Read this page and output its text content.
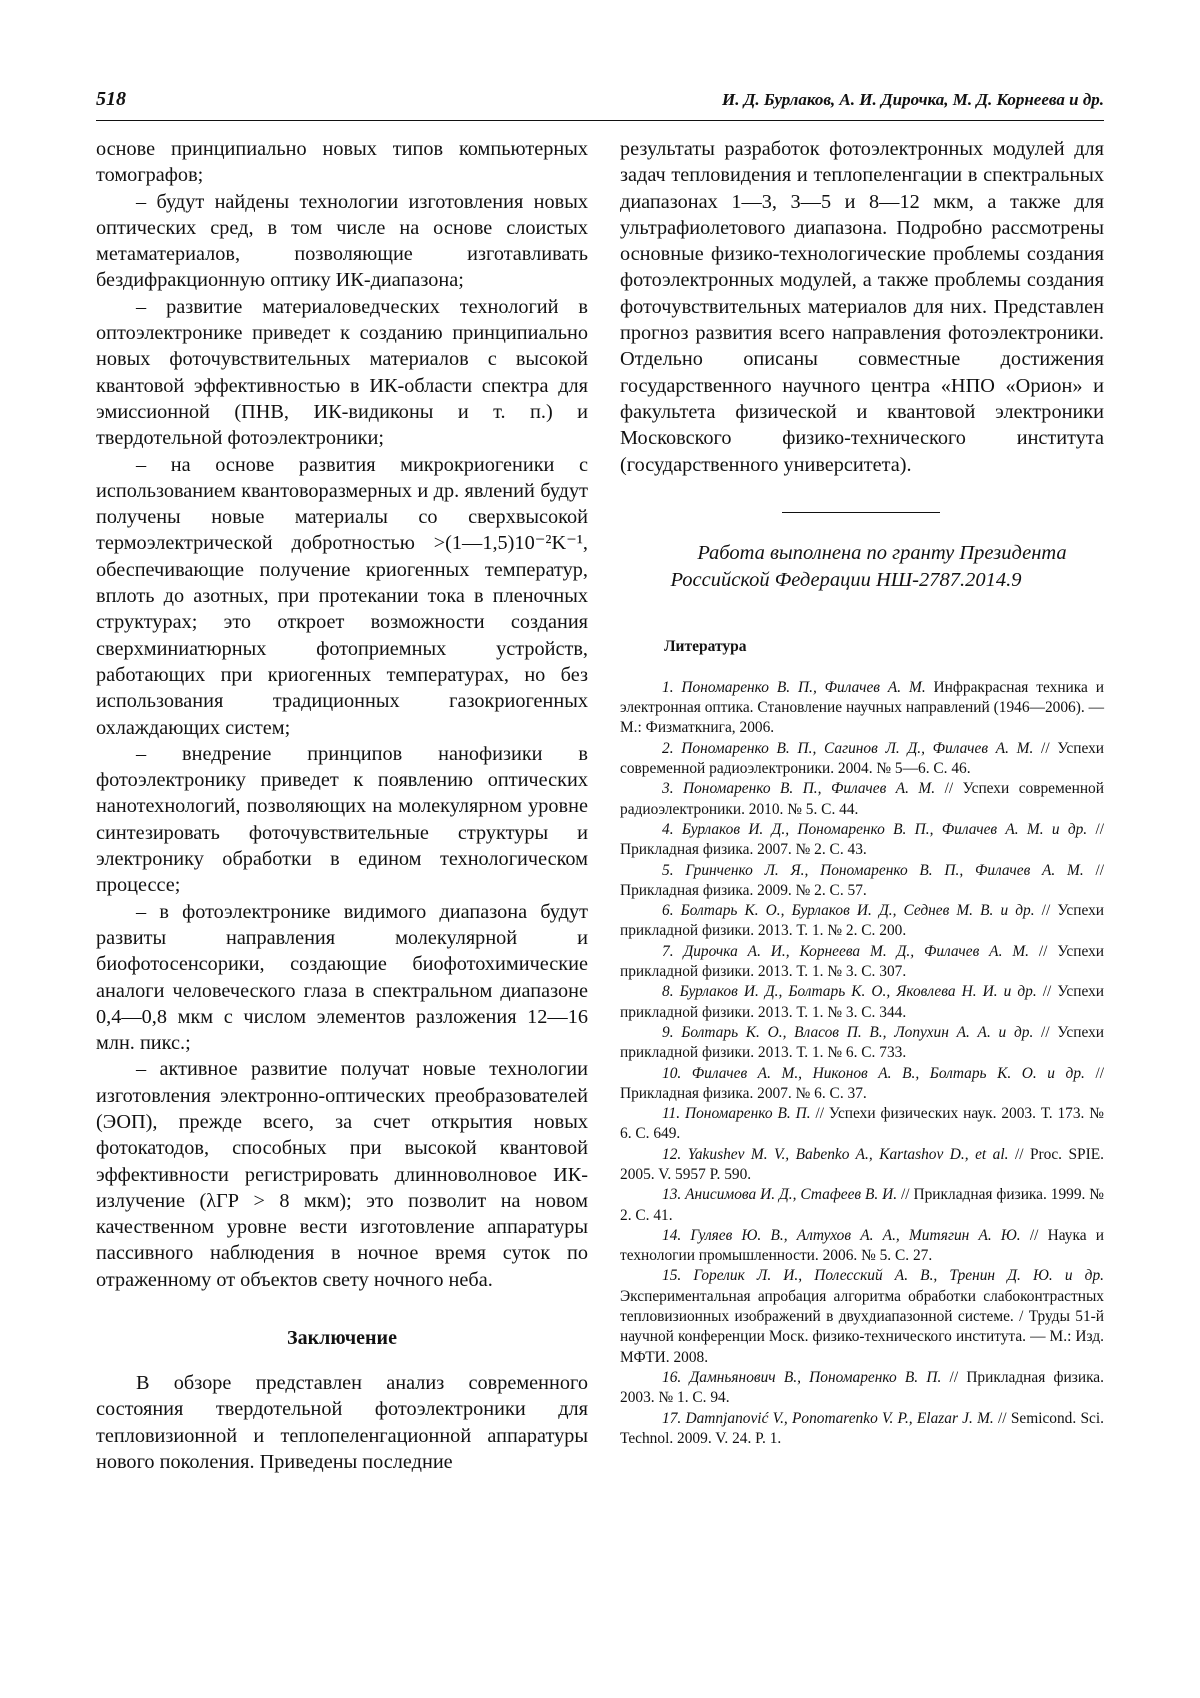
518	И. Д. Бурлаков, А. И. Дирочка, М. Д. Корнеева и др.

основе принципиально новых типов компьютерных томографов;

– будут найдены технологии изготовления новых оптических сред, в том числе на основе слоистых метаматериалов, позволяющие изготавливать бездифракционную оптику ИК-диапазона;

– развитие материаловедческих технологий в оптоэлектронике приведет к созданию принципиально новых фоточувствительных материалов с высокой квантовой эффективностью в ИК-области спектра для эмиссионной (ПНВ, ИК-видиконы и т. п.) и твердотельной фотоэлектроники;

– на основе развития микрокриогеники с использованием квантоворазмерных и др. явлений будут получены новые материалы со сверхвысокой термоэлектрической добротностью >(1—1,5)10⁻²K⁻¹, обеспечивающие получение криогенных температур, вплоть до азотных, при протекании тока в пленочных структурах; это откроет возможности создания сверхминиатюрных фотоприемных устройств, работающих при криогенных температурах, но без использования традиционных газокриогенных охлаждающих систем;

– внедрение принципов нанофизики в фотоэлектронику приведет к появлению оптических нанотехнологий, позволяющих на молекулярном уровне синтезировать фоточувствительные структуры и электронику обработки в едином технологическом процессе;

– в фотоэлектронике видимого диапазона будут развиты направления молекулярной и биофотосенсорики, создающие биофотохимические аналоги человеческого глаза в спектральном диапазоне 0,4—0,8 мкм с числом элементов разложения 12—16 млн. пикс.;

– активное развитие получат новые технологии изготовления электронно-оптических преобразователей (ЭОП), прежде всего, за счет открытия новых фотокатодов, способных при высокой квантовой эффективности регистрировать длинноволновое ИК-излучение (λГР > 8 мкм); это позволит на новом качественном уровне вести изготовление аппаратуры пассивного наблюдения в ночное время суток по отраженному от объектов свету ночного неба.

Заключение

В обзоре представлен анализ современного состояния твердотельной фотоэлектроники для тепловизионной и теплопеленгационной аппаратуры нового поколения. Приведены последние

результаты разработок фотоэлектронных модулей для задач тепловидения и теплопеленгации в спектральных диапазонах 1—3, 3—5 и 8—12 мкм, а также для ультрафиолетового диапазона. Подробно рассмотрены основные физико-технологические проблемы создания фотоэлектронных модулей, а также проблемы создания фоточувствительных материалов для них. Представлен прогноз развития всего направления фотоэлектроники. Отдельно описаны совместные достижения государственного научного центра «НПО «Орион» и факультета физической и квантовой электроники Московского физико-технического института (государственного университета).

Работа выполнена по гранту Президента
Российской Федерации НШ-2787.2014.9
Литература

1. Пономаренко В. П., Филачев А. М. Инфракрасная техника и электронная оптика. Становление научных направлений (1946—2006). — М.: Физматкнига, 2006.

2. Пономаренко В. П., Сагинов Л. Д., Филачев А. М. // Успехи современной радиоэлектроники. 2004. № 5—6. С. 46.

3. Пономаренко В. П., Филачев А. М. // Успехи современной радиоэлектроники. 2010. № 5. С. 44.

4. Бурлаков И. Д., Пономаренко В. П., Филачев А. М. и др. // Прикладная физика. 2007. № 2. С. 43.

5. Гринченко Л. Я., Пономаренко В. П., Филачев А. М. // Прикладная физика. 2009. № 2. С. 57.

6. Болтарь К. О., Бурлаков И. Д., Седнев М. В. и др. // Успехи прикладной физики. 2013. Т. 1. № 2. С. 200.

7. Дирочка А. И., Корнеева М. Д., Филачев А. М. // Успехи прикладной физики. 2013. Т. 1. № 3. С. 307.

8. Бурлаков И. Д., Болтарь К. О., Яковлева Н. И. и др. // Успехи прикладной физики. 2013. Т. 1. № 3. С. 344.

9. Болтарь К. О., Власов П. В., Лопухин А. А. и др. // Успехи прикладной физики. 2013. Т. 1. № 6. С. 733.

10. Филачев А. М., Никонов А. В., Болтарь К. О. и др. // Прикладная физика. 2007. № 6. С. 37.

11. Пономаренко В. П. // Успехи физических наук. 2003. Т. 173. № 6. С. 649.

12. Yakushev M. V., Babenko A., Kartashov D., et al. // Proc. SPIE. 2005. V. 5957 P. 590.

13. Анисимова И. Д., Стафеев В. И. // Прикладная физика. 1999. № 2. С. 41.

14. Гуляев Ю. В., Алтухов А. А., Митягин А. Ю. // Наука и технологии промышленности. 2006. № 5. С. 27.

15. Горелик Л. И., Полесский А. В., Тренин Д. Ю. и др. Экспериментальная апробация алгоритма обработки слабоконтрастных тепловизионных изображений в двухдиапазонной системе. / Труды 51-й научной конференции Моск. физико-технического института. — М.: Изд. МФТИ. 2008.

16. Дамньянович В., Пономаренко В. П. // Прикладная физика. 2003. № 1. С. 94.

17. Damnjanović V., Ponomarenko V. P., Elazar J. M. // Semicond. Sci. Technol. 2009. V. 24. P. 1.
